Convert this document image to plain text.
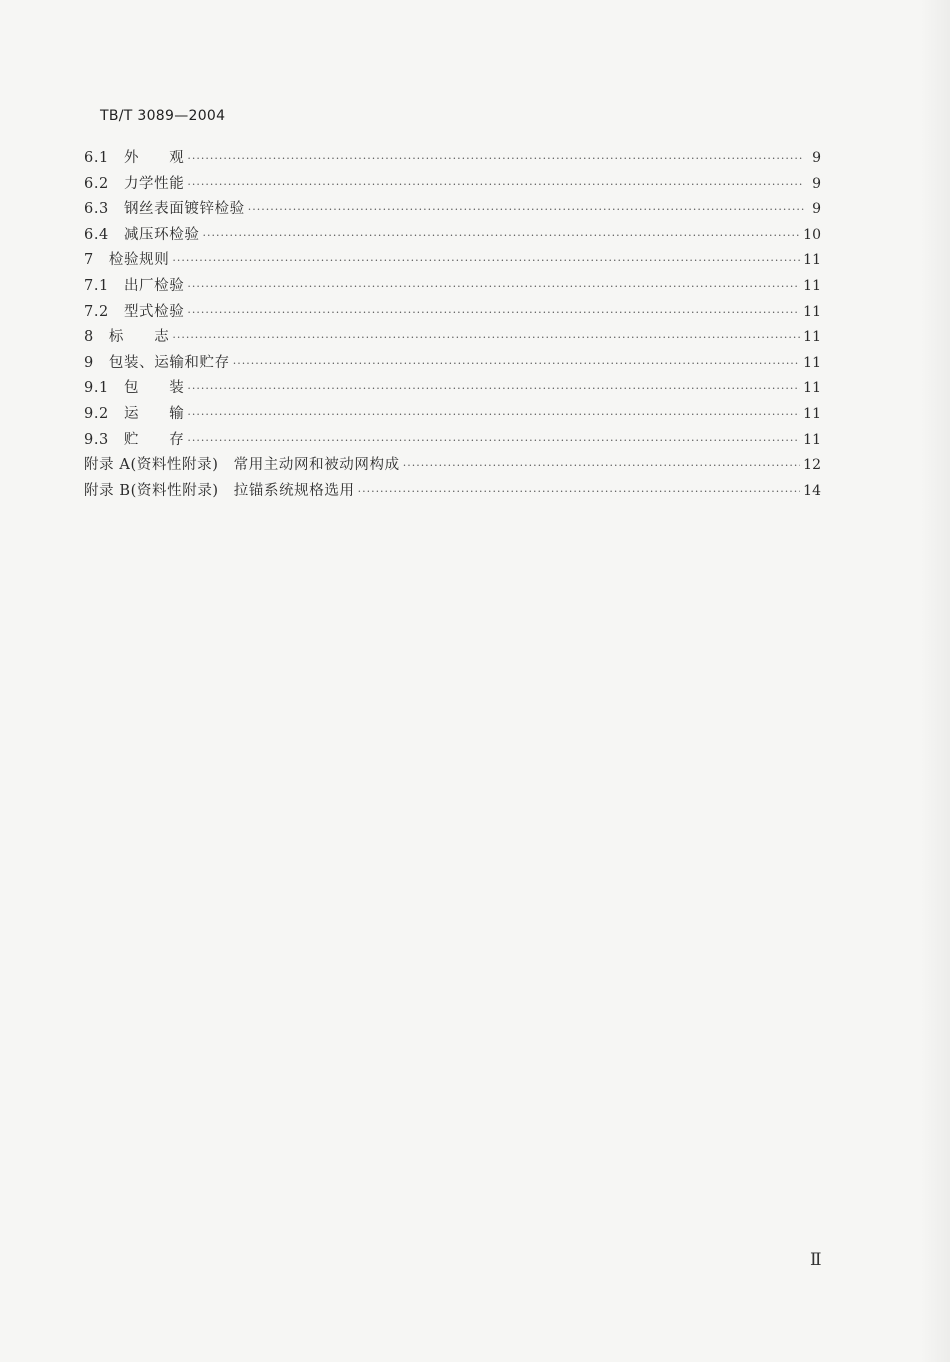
TB/T 3089—2004
6.1　外　　观 ·····	9
6.2　力学性能 ·····	9
6.3　钢丝表面镀锌检验 ·····	9
6.4　减压环检验 ·····	10
7　检验规则 ·····	11
7.1　出厂检验 ·····	11
7.2　型式检验 ·····	11
8　标　　志 ·····	11
9　包装、运输和贮存 ·····	11
9.1　包　　装 ·····	11
9.2　运　　输 ·····	11
9.3　贮　　存 ·····	11
附录 A(资料性附录)　常用主动网和被动网构成 ·····	12
附录 B(资料性附录)　拉锚系统规格选用 ·····	14
Ⅱ
